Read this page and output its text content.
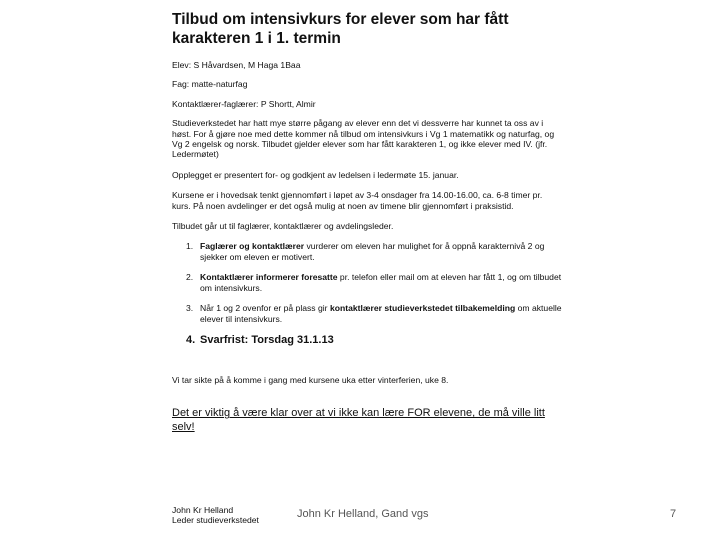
Tilbud om intensivkurs for elever som har fått
karakteren 1 i 1. termin
Elev: S Håvardsen, M Haga 1Baa
Fag: matte-naturfag
Kontaktlærer-faglærer: P Shortt, Almir
Studieverkstedet har hatt mye større pågang av elever enn det vi dessverre har kunnet ta oss av i høst. For å gjøre noe med dette kommer nå tilbud om intensivkurs i Vg 1 matematikk og naturfag, og Vg 2 engelsk og norsk. Tilbudet gjelder elever som har fått karakteren 1, og ikke elever med IV. (jfr. Ledermøtet)
Opplegget er presentert for- og godkjent av ledelsen i ledermøte 15. januar.
Kursene er i hovedsak tenkt gjennomført i løpet av 3-4 onsdager fra 14.00-16.00, ca. 6-8 timer pr. kurs. På noen avdelinger er det også mulig at noen av timene blir gjennomført i praksistid.
Tilbudet går ut til faglærer, kontaktlærer og avdelingsleder.
1. Faglærer og kontaktlærer vurderer om eleven har mulighet for å oppnå karakternivå 2 og sjekker om eleven er motivert.
2. Kontaktlærer informerer foresatte pr. telefon eller mail om at eleven har fått 1, og om tilbudet om intensivkurs.
3. Når 1 og 2 ovenfor er på plass gir kontaktlærer studieverkstedet tilbakemelding om aktuelle elever til intensivkurs.
4. Svarfrist: Torsdag 31.1.13
Vi tar sikte på å komme i gang med kursene uka etter vinterferien, uke 8.
Det er viktig å være klar over at vi ikke kan lære FOR elevene, de må ville litt selv!
John Kr Helland
Leder studieverkstedet
John Kr Helland, Gand vgs	7
